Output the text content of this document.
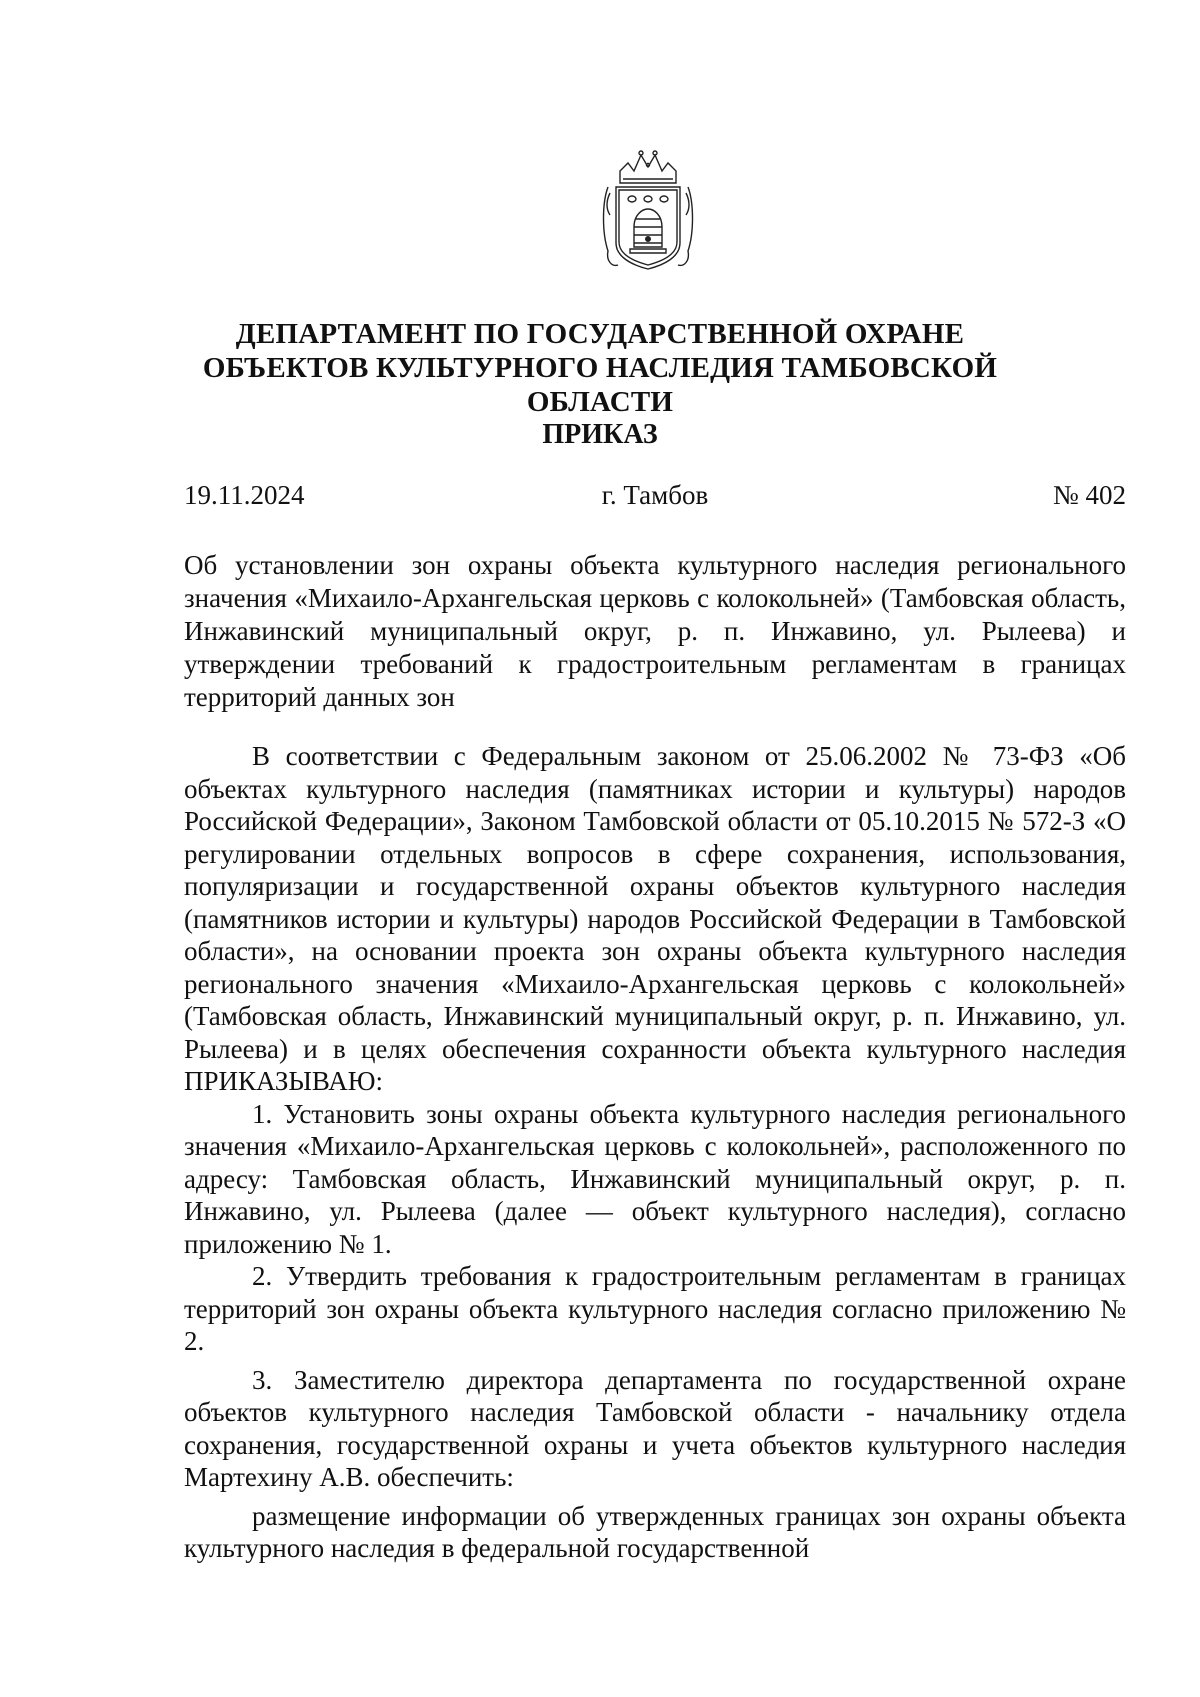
ДЕПАРТАМЕНТ ПО ГОСУДАРСТВЕННОЙ ОХРАНЕ ОБЪЕКТОВ КУЛЬТУРНОГО НАСЛЕДИЯ ТАМБОВСКОЙ ОБЛАСТИ
ПРИКАЗ
г. Тамбов
19.11.2024	№ 402
Об установлении зон охраны объекта культурного наследия регионального значения «Михаило-Архангельская церковь с колокольней» (Тамбовская область, Инжавинский муниципальный округ, р. п. Инжавино, ул. Рылеева) и утверждении требований к градостроительным регламентам в границах территорий данных зон

В соответствии с Федеральным законом от 25.06.2002 № 73-ФЗ «Об объектах культурного наследия (памятниках истории и культуры) народов Российской Федерации», Законом Тамбовской области от 05.10.2015 № 572-З «О регулировании отдельных вопросов в сфере сохранения, использования, популяризации и государственной охраны объектов культурного наследия (памятников истории и культуры) народов Российской Федерации в Тамбовской области», на основании проекта зон охраны объекта культурного наследия регионального значения «Михаило-Архангельская церковь с колокольней» (Тамбовская область, Инжавинский муниципальный округ, р. п. Инжавино, ул. Рылеева) и в целях обеспечения сохранности объекта культурного наследия ПРИКАЗЫВАЮ:

1. Установить зоны охраны объекта культурного наследия регионального значения «Михаило-Архангельская церковь с колокольней», расположенного по адресу: Тамбовская область, Инжавинский муниципальный округ, р. п. Инжавино, ул. Рылеева (далее — объект культурного наследия), согласно приложению № 1.

2. Утвердить требования к градостроительным регламентам в границах территорий зон охраны объекта культурного наследия согласно приложению № 2.

3. Заместителю директора департамента по государственной охране объектов культурного наследия Тамбовской области - начальнику отдела сохранения, государственной охраны и учета объектов культурного наследия Мартехину А.В. обеспечить:

размещение информации об утвержденных границах зон охраны объекта культурного наследия в федеральной государственной
